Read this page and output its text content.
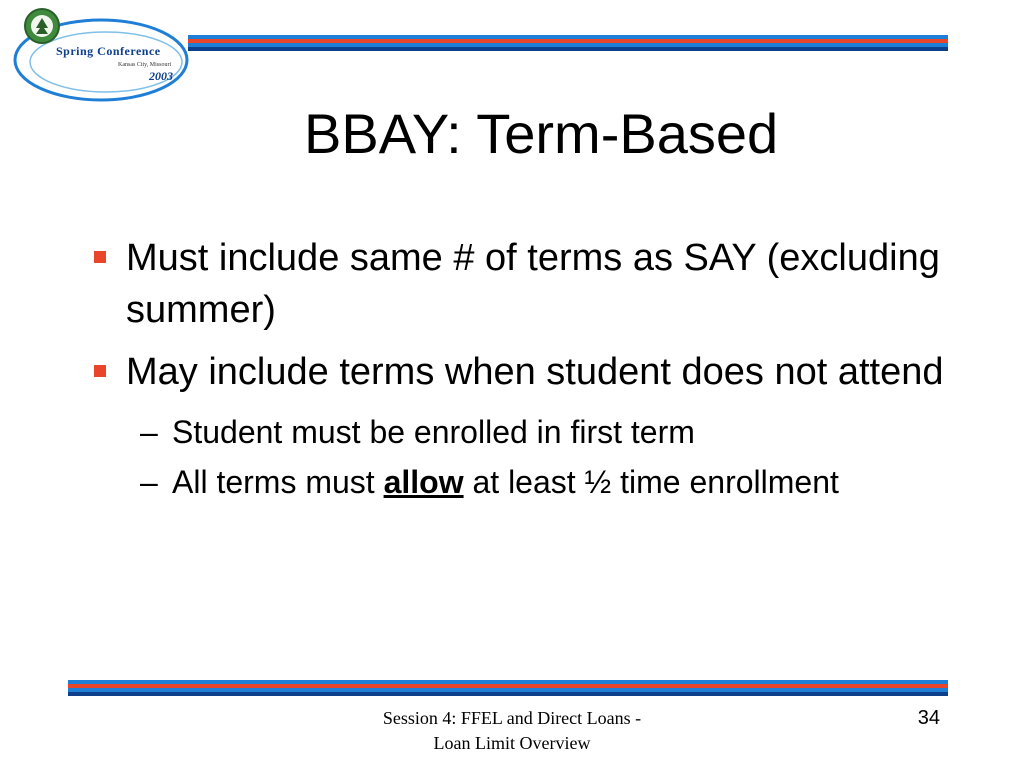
Spring Conference
Kansas City, Missouri
2003
BBAY: Term-Based
Must include same # of terms as SAY (excluding summer)
May include terms when student does not attend
– Student must be enrolled in first term
– All terms must allow at least ½ time enrollment
Session 4: FFEL and Direct Loans -
Loan Limit Overview
34
